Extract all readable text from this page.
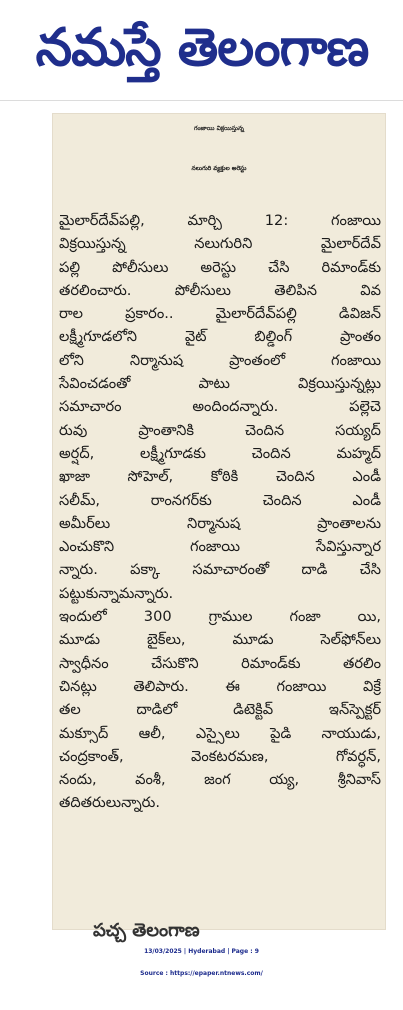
నమస్తే తెలంగాణ
గంజాయి విక్రయిస్తున్న
నలుగురి వ్యక్తుల అరెస్టు
మైలార్‌దేవ్‌పల్లి, మార్చి 12: గంజాయి
విక్రయిస్తున్న నలుగురిని మైలార్‌దేవ్
పల్లి పోలీసులు అరెస్టు చేసి రిమాండ్‌కు
తరలించారు. పోలీసులు తెలిపిన వివ
రాల ప్రకారం.. మైలార్‌దేవ్‌పల్లి డివిజన్
లక్ష్మీగూడలోని వైట్ బిల్డింగ్ ప్రాంతం
లోని నిర్మానుష ప్రాంతంలో గంజాయి
సేవించడంతో పాటు విక్రయిస్తున్నట్లు
సమాచారం అందిందన్నారు. పల్లెచె
రువు ప్రాంతానికి చెందిన సయ్యద్
అర్షద్, లక్ష్మీగూడకు చెందిన మహ్మద్
ఖాజా సోహెల్, కోఠికి చెందిన ఎండీ
సలీమ్, రాంనగర్‌కు చెందిన ఎండీ
అమీర్‌లు నిర్మానుష ప్రాంతాలను
ఎంచుకొని గంజాయి సేవిస్తున్నార
న్నారు. పక్కా సమాచారంతో దాడి చేసి
పట్టుకున్నామన్నారు.
ఇందులో 300 గ్రాముల గంజా యి,
మూడు బైక్‌లు, మూడు సెల్‌ఫోన్‌లు
స్వాధీనం చేసుకొని రిమాండ్‌కు తరలిం
చినట్లు తెలిపారు. ఈ గంజాయి విక్రే
తల దాడిలో డిటెక్టివ్ ఇన్‌స్పెక్టర్
మక్సూద్ ఆలీ, ఎస్సైలు పైడి నాయుడు,
చంద్రకాంత్, వెంకటరమణ, గోవర్ధన్,
నందు, వంశీ, జంగ య్య, శ్రీనివాస్
తదితరులున్నారు.
పచ్చ తెలంగాణ
13/03/2025 | Hyderabad | Page : 9
Source : https://epaper.ntnews.com/
